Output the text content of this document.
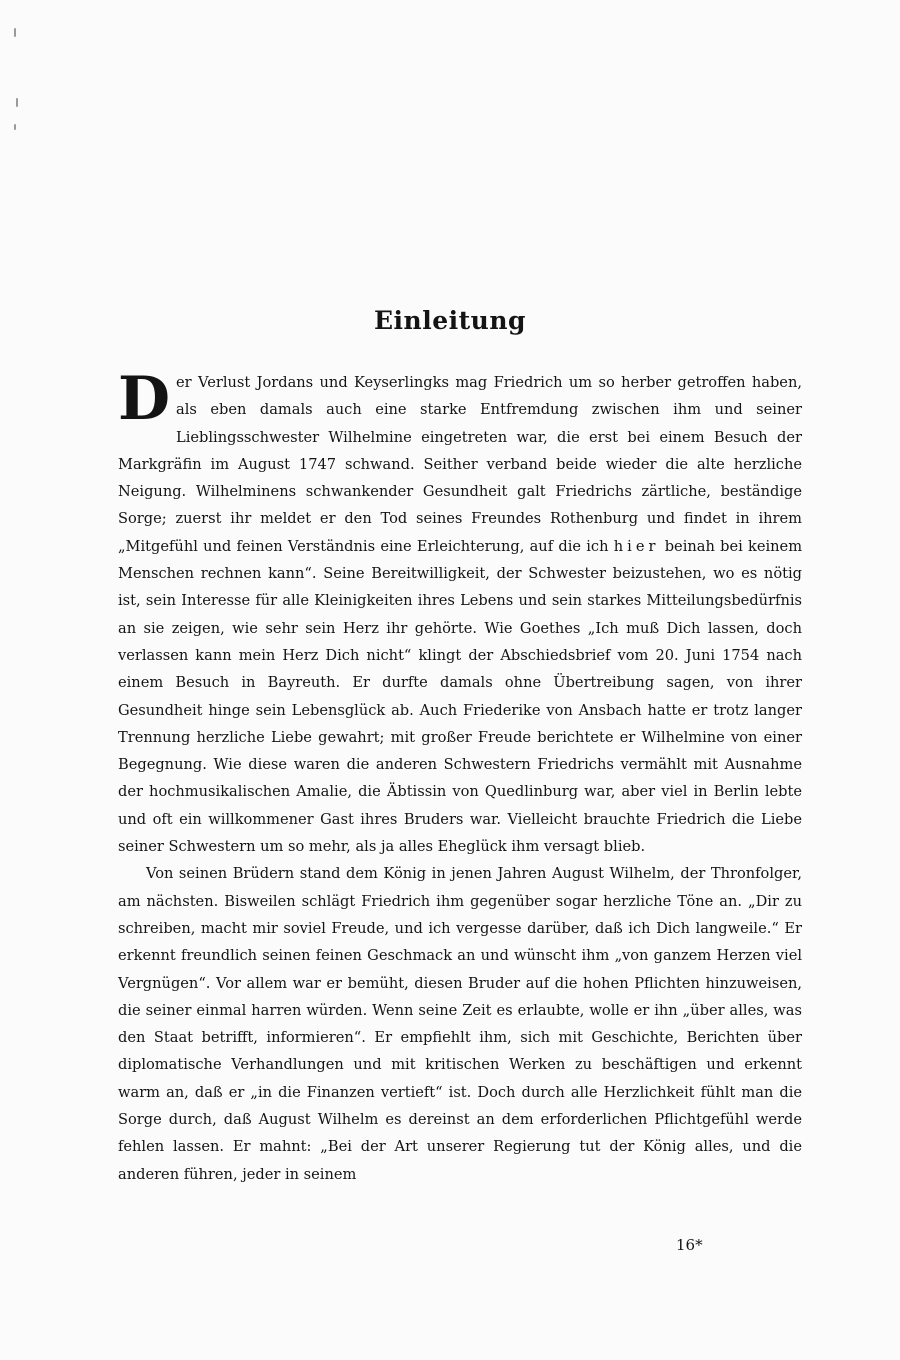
Einleitung

Der Verlust Jordans und Keyserlingks mag Friedrich um so herber getroffen haben, als eben damals auch eine starke Entfremdung zwischen ihm und seiner Lieblingsschwester Wilhelmine eingetreten war, die erst bei einem Besuch der Markgräfin im August 1747 schwand. Seither verband beide wieder die alte herzliche Neigung. Wilhelminens schwankender Gesundheit galt Friedrichs zärtliche, beständige Sorge; zuerst ihr meldet er den Tod seines Freundes Rothenburg und findet in ihrem „Mitgefühl und feinen Verständnis eine Erleichterung, auf die ich hier beinah bei keinem Menschen rechnen kann“. Seine Bereitwilligkeit, der Schwester beizustehen, wo es nötig ist, sein Interesse für alle Kleinigkeiten ihres Lebens und sein starkes Mitteilungsbedürfnis an sie zeigen, wie sehr sein Herz ihr gehörte. Wie Goethes „Ich muß Dich lassen, doch verlassen kann mein Herz Dich nicht“ klingt der Abschiedsbrief vom 20. Juni 1754 nach einem Besuch in Bayreuth. Er durfte damals ohne Übertreibung sagen, von ihrer Gesundheit hinge sein Lebensglück ab. Auch Friederike von Ansbach hatte er trotz langer Trennung herzliche Liebe gewahrt; mit großer Freude berichtete er Wilhelmine von einer Begegnung. Wie diese waren die anderen Schwestern Friedrichs vermählt mit Ausnahme der hochmusikalischen Amalie, die Äbtissin von Quedlinburg war, aber viel in Berlin lebte und oft ein willkommener Gast ihres Bruders war. Vielleicht brauchte Friedrich die Liebe seiner Schwestern um so mehr, als ja alles Eheglück ihm versagt blieb.

Von seinen Brüdern stand dem König in jenen Jahren August Wilhelm, der Thronfolger, am nächsten. Bisweilen schlägt Friedrich ihm gegenüber sogar herzliche Töne an. „Dir zu schreiben, macht mir soviel Freude, und ich vergesse darüber, daß ich Dich langweile.“ Er erkennt freundlich seinen feinen Geschmack an und wünscht ihm „von ganzem Herzen viel Vergnügen“. Vor allem war er bemüht, diesen Bruder auf die hohen Pflichten hinzuweisen, die seiner einmal harren würden. Wenn seine Zeit es erlaubte, wolle er ihn „über alles, was den Staat betrifft, informieren“. Er empfiehlt ihm, sich mit Geschichte, Berichten über diplomatische Verhandlungen und mit kritischen Werken zu beschäftigen und erkennt warm an, daß er „in die Finanzen vertieft“ ist. Doch durch alle Herzlichkeit fühlt man die Sorge durch, daß August Wilhelm es dereinst an dem erforderlichen Pflichtgefühl werde fehlen lassen. Er mahnt: „Bei der Art unserer Regierung tut der König alles, und die anderen führen, jeder in seinem

16*
